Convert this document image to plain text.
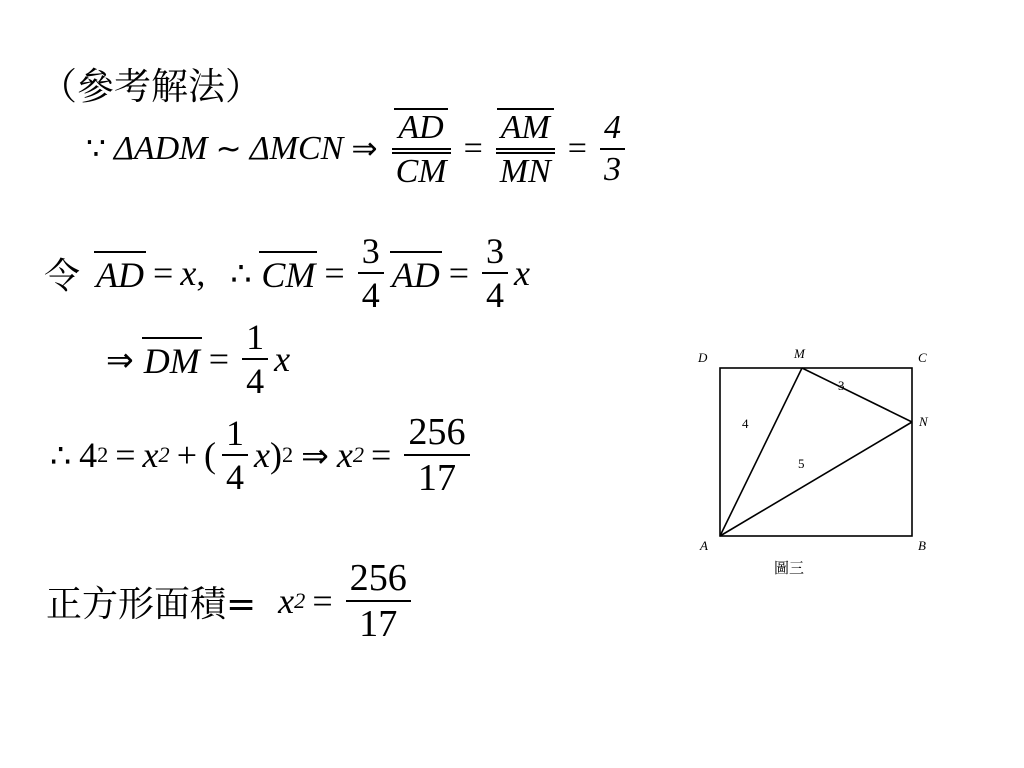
（參考解法）
∵ ΔADM ~ ΔMCN ⇒ $\frac{AD}{CM} = \frac{AM}{MN} = \frac{4}{3}$
令 AD = x , ∴ CM = $\frac{3}{4}$ AD = $\frac{3}{4}$ x
⇒ DM = $\frac{1}{4}$ x
∴ 4 2 = x 2 + ( $\frac{1}{4}$ x ) 2 ⇒ x $2 = \frac{256}{17}$
正方形面積= x $2 = \frac{256}{17}$
D	M	C
N
A	B
4
3
5
圖三
